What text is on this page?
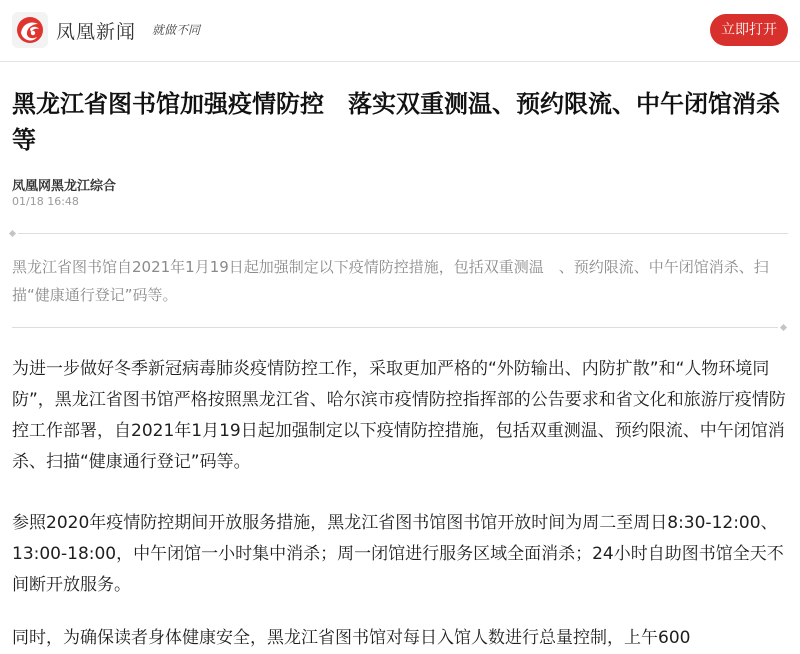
凤凰新闻 就做不同	立即打开
黑龙江省图书馆加强疫情防控　落实双重测温、预约限流、中午闭馆消杀等
凤凰网黑龙江综合
01/18 16:48

黑龙江省图书馆自2021年1月19日起加强制定以下疫情防控措施，包括双重测温　、预约限流、中午闭馆消杀、扫描“健康通行登记”码等。

为进一步做好冬季新冠病毒肺炎疫情防控工作，采取更加严格的“外防输出、内防扩散”和“人物环境同防”，黑龙江省图书馆严格按照黑龙江省、哈尔滨市疫情防控指挥部的公告要求和省文化和旅游厅疫情防控工作部署，自2021年1月19日起加强制定以下疫情防控措施，包括双重测温、预约限流、中午闭馆消杀、扫描“健康通行登记”码等。

参照2020年疫情防控期间开放服务措施，黑龙江省图书馆图书馆开放时间为周二至周日8:30-12:00、13:00-18:00，中午闭馆一小时集中消杀；周一闭馆进行服务区域全面消杀；24小时自助图书馆全天不间断开放服务。

同时，为确保读者身体健康安全，黑龙江省图书馆对每日入馆人数进行总量控制，上午600
